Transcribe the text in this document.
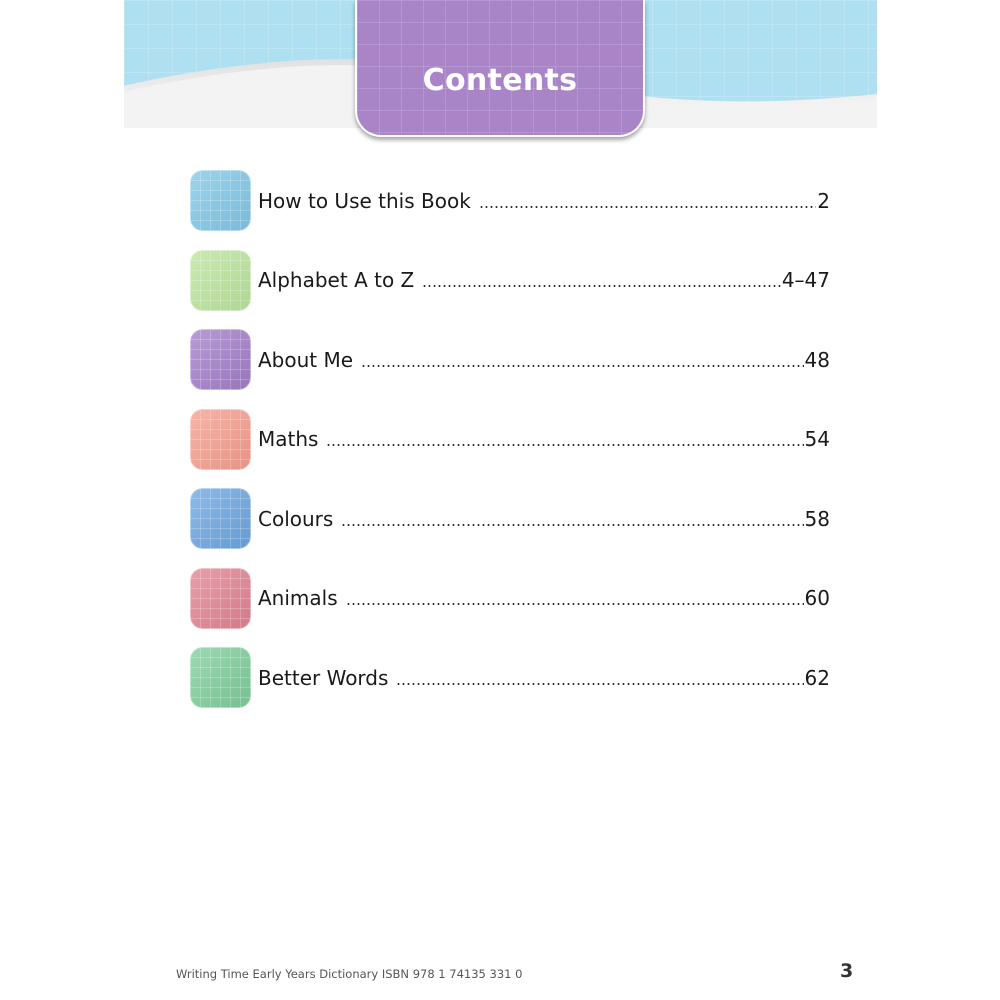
Contents
How to Use this Book	2
Alphabet A to Z	4–47
About Me	48
Maths	54
Colours	58
Animals	60
Better Words	62
Writing Time Early Years Dictionary ISBN 978 1 74135 331 0	3
